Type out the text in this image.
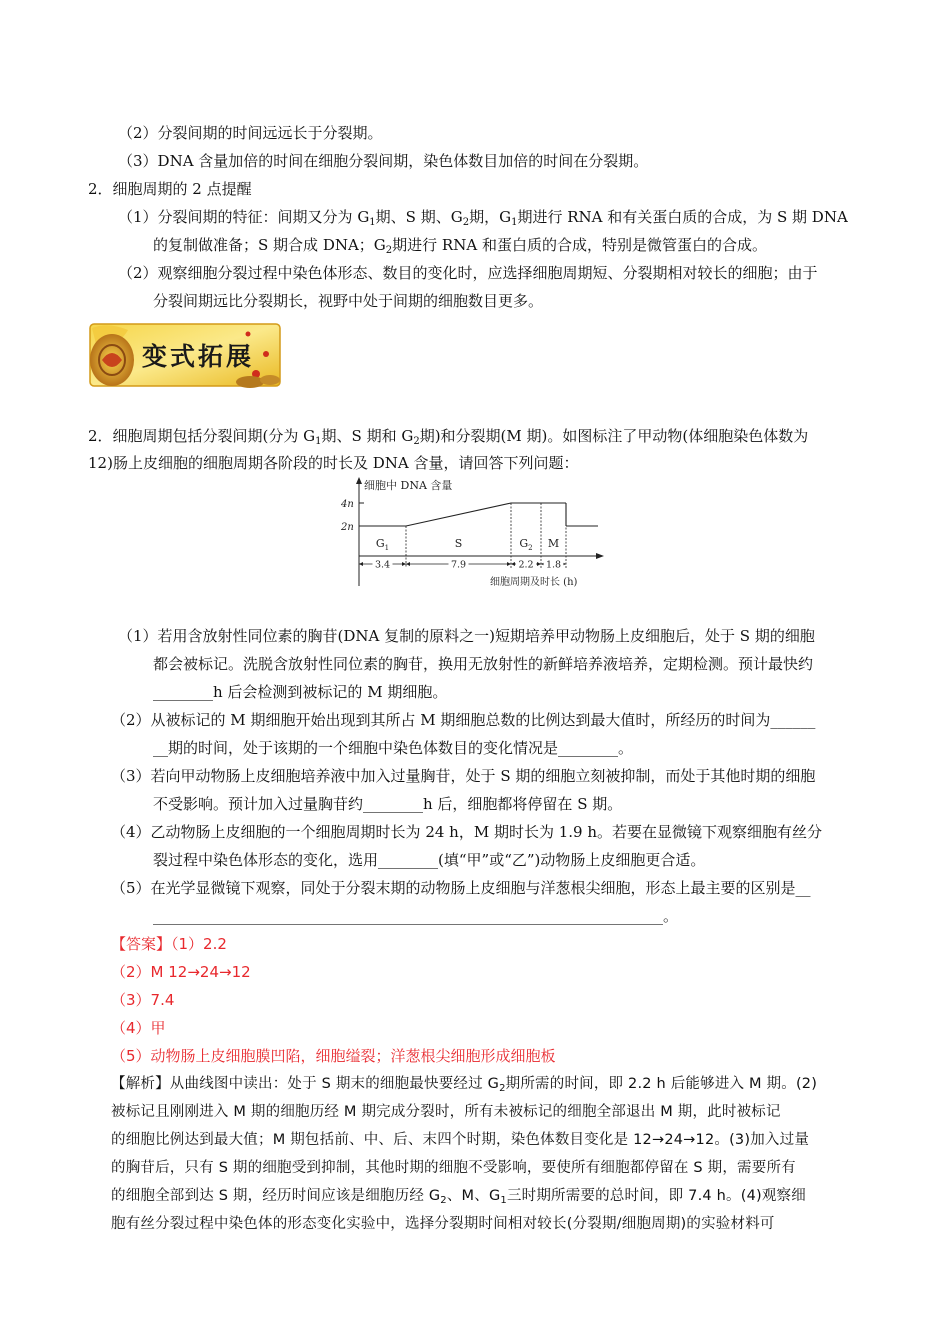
（2）分裂间期的时间远远长于分裂期。
（3）DNA 含量加倍的时间在细胞分裂间期，染色体数目加倍的时间在分裂期。
2．细胞周期的 2 点提醒
（1）分裂间期的特征：间期又分为 $G_1$期、S 期、$G_2$期，$G_1$期进行 RNA 和有关蛋白质的合成，为 S 期 DNA
的复制做准备；S 期合成 DNA；$G_2$期进行 RNA 和蛋白质的合成，特别是微管蛋白的合成。
（2）观察细胞分裂过程中染色体形态、数目的变化时，应选择细胞周期短、分裂期相对较长的细胞；由于
分裂间期远比分裂期长，视野中处于间期的细胞数目更多。
变式拓展
2．细胞周期包括分裂间期(分为 $G_1$期、S 期和 $G_2$期)和分裂期(M 期)。如图标注了甲动物(体细胞染色体数为
12)肠上皮细胞的细胞周期各阶段的时长及 DNA 含量，请回答下列问题：
细胞中 DNA 含量
4n
2n
$G_1$	S	$G_2$ M
3.4	7.9	2.2 1.8
细胞周期及时长 (h)
（1）若用含放射性同位素的胸苷(DNA 复制的原料之一)短期培养甲动物肠上皮细胞后，处于 S 期的细胞
都会被标记。洗脱含放射性同位素的胸苷，换用无放射性的新鲜培养液培养，定期检测。预计最快约
________h 后会检测到被标记的 M 期细胞。
（2）从被标记的 M 期细胞开始出现到其所占 M 期细胞总数的比例达到最大值时，所经历的时间为______
__期的时间，处于该期的一个细胞中染色体数目的变化情况是________。
（3）若向甲动物肠上皮细胞培养液中加入过量胸苷，处于 S 期的细胞立刻被抑制，而处于其他时期的细胞
不受影响。预计加入过量胸苷约________h 后，细胞都将停留在 S 期。
（4）乙动物肠上皮细胞的一个细胞周期时长为 24 h，M 期时长为 1.9 h。若要在显微镜下观察细胞有丝分
裂过程中染色体形态的变化，选用________(填“甲”或“乙”)动物肠上皮细胞更合适。
（5）在光学显微镜下观察，同处于分裂末期的动物肠上皮细胞与洋葱根尖细胞，形态上最主要的区别是__
____________________________________________________________________。
【答案】（1）2.2
（2）M 12→24→12
（3）7.4
（4）甲
（5）动物肠上皮细胞膜凹陷，细胞缢裂；洋葱根尖细胞形成细胞板
【解析】从曲线图中读出：处于 S 期末的细胞最快要经过 $G_2$期所需的时间，即 2.2 h 后能够进入 M 期。(2)
被标记且刚刚进入 M 期的细胞历经 M 期完成分裂时，所有未被标记的细胞全部退出 M 期，此时被标记
的细胞比例达到最大值；M 期包括前、中、后、末四个时期，染色体数目变化是 12→24→12。(3)加入过量
的胸苷后，只有 S 期的细胞受到抑制，其他时期的细胞不受影响，要使所有细胞都停留在 S 期，需要所有
的细胞全部到达 S 期，经历时间应该是细胞历经 $G_2$、M、$G_1$三时期所需要的总时间，即 7.4 h。(4)观察细
胞有丝分裂过程中染色体的形态变化实验中，选择分裂期时间相对较长(分裂期/细胞周期)的实验材料可
